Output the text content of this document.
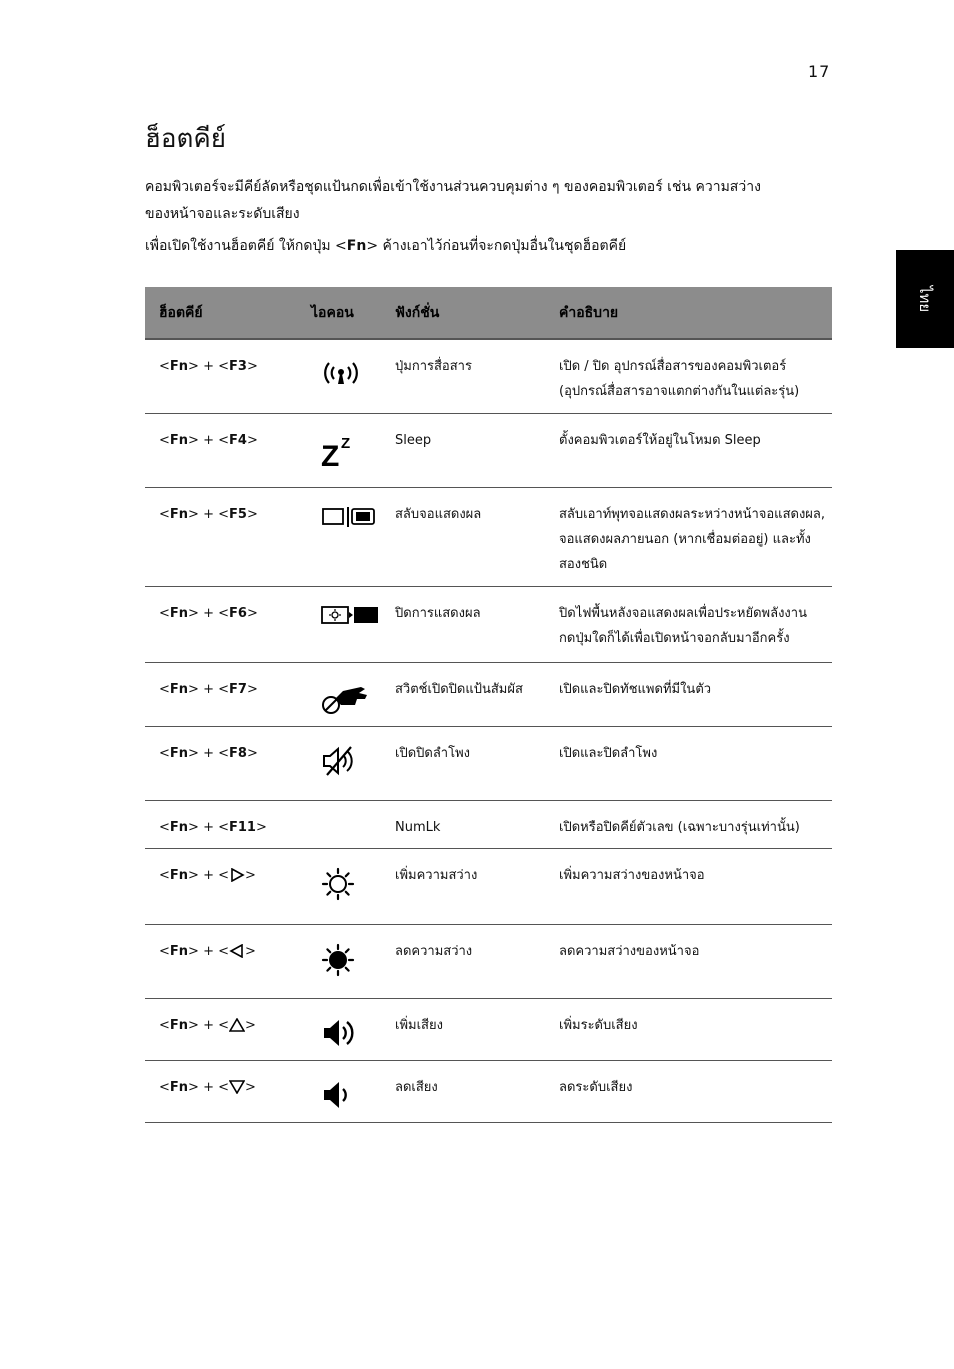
17
ไทย
ฮ็อตคีย์

คอมพิวเตอร์จะมีคีย์ลัดหรือชุดแป้นกดเพื่อเข้าใช้งานส่วนควบคุมต่าง ๆ ของคอมพิวเตอร์ เช่น ความสว่างของหน้าจอและระดับเสียง

เพื่อเปิดใช้งานฮ็อตคีย์ ให้กดปุ่ม <Fn> ค้างเอาไว้ก่อนที่จะกดปุ่มอื่นในชุดฮ็อตคีย์

ฮ็อตคีย์	ไอคอน	ฟังก์ชั่น	คำอธิบาย
<Fn> + <F3>		ปุ่มการสื่อสาร	เปิด / ปิด อุปกรณ์สื่อสารของคอมพิวเตอร์ (อุปกรณ์สื่อสารอาจแตกต่างกันในแต่ละรุ่น)
<Fn> + <F4>	Z Z	Sleep	ตั้งคอมพิวเตอร์ให้อยู่ในโหมด Sleep
<Fn> + <F5>		สลับจอแสดงผล	สลับเอาท์พุทจอแสดงผลระหว่างหน้าจอแสดงผล, จอแสดงผลภายนอก (หากเชื่อมต่ออยู่) และทั้งสองชนิด
<Fn> + <F6>		ปิดการแสดงผล	ปิดไฟพื้นหลังจอแสดงผลเพื่อประหยัดพลังงาน กดปุ่มใดก็ได้เพื่อเปิดหน้าจอกลับมาอีกครั้ง
<Fn> + <F7>		สวิตช์เปิดปิดแป้นสัมผัส	เปิดและปิดทัชแพดที่มีในตัว
<Fn> + <F8>		เปิดปิดลำโพง	เปิดและปิดลำโพง
<Fn> + <F11>		NumLk	เปิดหรือปิดคีย์ตัวเลข (เฉพาะบางรุ่นเท่านั้น)
<Fn> + < >		เพิ่มความสว่าง	เพิ่มความสว่างของหน้าจอ
<Fn> + < >		ลดความสว่าง	ลดความสว่างของหน้าจอ
<Fn> + < >		เพิ่มเสียง	เพิ่มระดับเสียง
<Fn> + < >		ลดเสียง	ลดระดับเสียง
